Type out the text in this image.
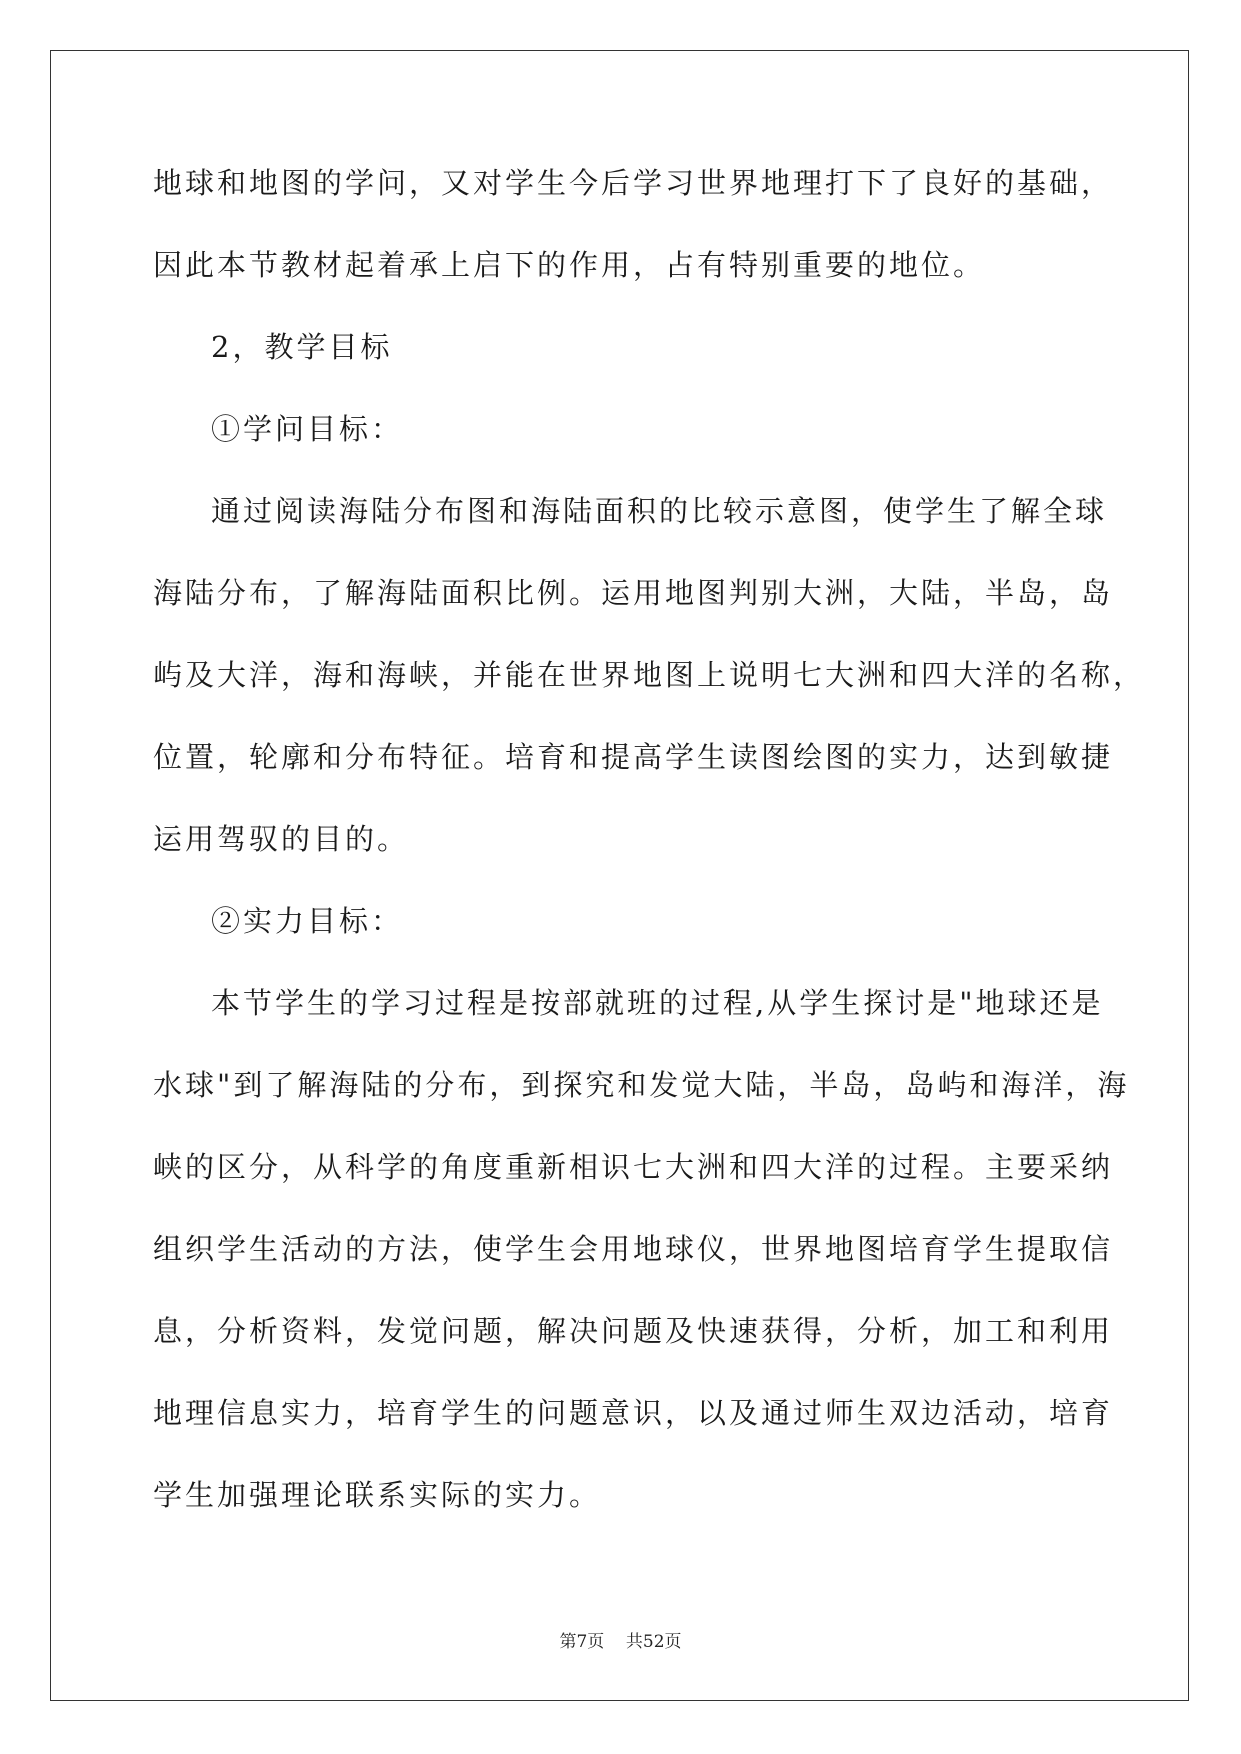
地球和地图的学问，又对学生今后学习世界地理打下了良好的基础，
因此本节教材起着承上启下的作用，占有特别重要的地位。
2，教学目标
①学问目标：
通过阅读海陆分布图和海陆面积的比较示意图，使学生了解全球
海陆分布，了解海陆面积比例。运用地图判别大洲，大陆，半岛，岛
屿及大洋，海和海峡，并能在世界地图上说明七大洲和四大洋的名称，
位置，轮廓和分布特征。培育和提高学生读图绘图的实力，达到敏捷
运用驾驭的目的。
②实力目标：
本节学生的学习过程是按部就班的过程,从学生探讨是"地球还是
水球"到了解海陆的分布，到探究和发觉大陆，半岛，岛屿和海洋，海
峡的区分，从科学的角度重新相识七大洲和四大洋的过程。主要采纳
组织学生活动的方法，使学生会用地球仪，世界地图培育学生提取信
息，分析资料，发觉问题，解决问题及快速获得，分析，加工和利用
地理信息实力，培育学生的问题意识，以及通过师生双边活动，培育
学生加强理论联系实际的实力。
第7页 共52页
